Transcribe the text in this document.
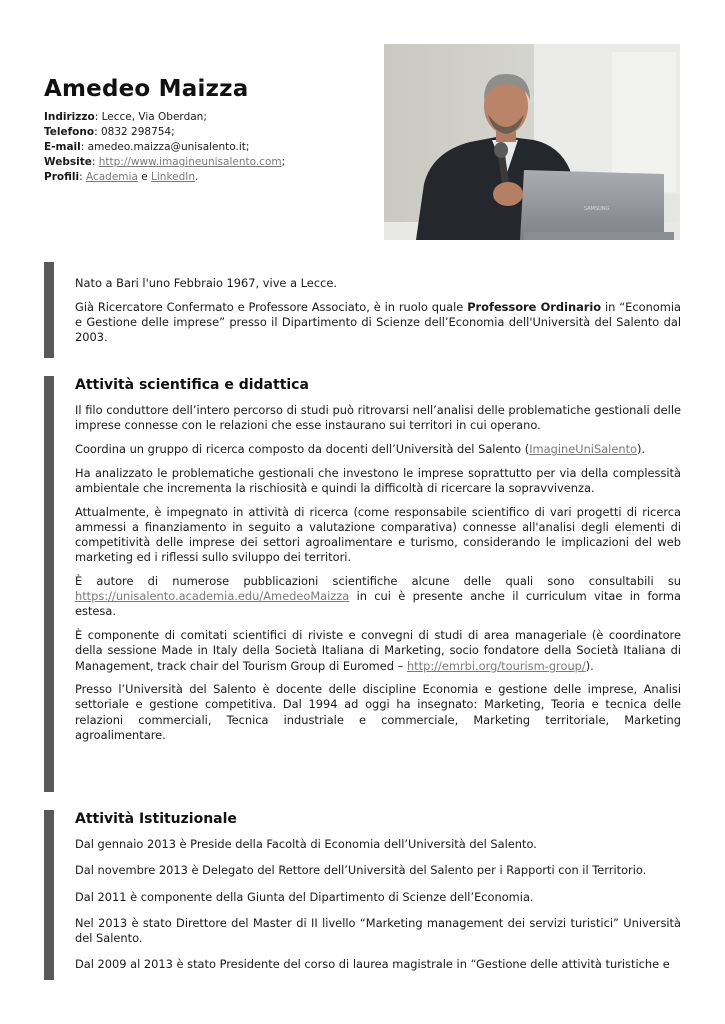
Amedeo Maizza
Indirizzo: Lecce, Via Oberdan;
Telefono: 0832 298754;
E-mail: amedeo.maizza@unisalento.it;
Website: http://www.imagineunisalento.com;
Profili: Academia e LinkedIn.
SAMSUNG

Nato a Bari l'uno Febbraio 1967, vive a Lecce.

Già Ricercatore Confermato e Professore Associato, è in ruolo quale Professore Ordinario in “Economia e Gestione delle imprese” presso il Dipartimento di Scienze dell’Economia dell'Università del Salento dal 2003.

Attività scientifica e didattica

Il filo conduttore dell’intero percorso di studi può ritrovarsi nell’analisi delle problematiche gestionali delle imprese connesse con le relazioni che esse instaurano sui territori in cui operano.

Coordina un gruppo di ricerca composto da docenti dell’Università del Salento (ImagineUniSalento).

Ha analizzato le problematiche gestionali che investono le imprese soprattutto per via della complessità ambientale che incrementa la rischiosità e quindi la difficoltà di ricercare la sopravvivenza.

Attualmente, è impegnato in attività di ricerca (come responsabile scientifico di vari progetti di ricerca ammessi a finanziamento in seguito a valutazione comparativa) connesse all'analisi degli elementi di competitività delle imprese dei settori agroalimentare e turismo, considerando le implicazioni del web marketing ed i riflessi sullo sviluppo dei territori.

È autore di numerose pubblicazioni scientifiche alcune delle quali sono consultabili su https://unisalento.academia.edu/AmedeoMaizza in cui è presente anche il curriculum vitae in forma estesa.

È componente di comitati scientifici di riviste e convegni di studi di area manageriale (è coordinatore della sessione Made in Italy della Società Italiana di Marketing, socio fondatore della Società Italiana di Management, track chair del Tourism Group di Euromed – http://emrbi.org/tourism-group/).

Presso l’Università del Salento è docente delle discipline Economia e gestione delle imprese, Analisi settoriale e gestione competitiva. Dal 1994 ad oggi ha insegnato: Marketing, Teoria e tecnica delle relazioni commerciali, Tecnica industriale e commerciale, Marketing territoriale, Marketing agroalimentare.

Attività Istituzionale

Dal gennaio 2013 è Preside della Facoltà di Economia dell’Università del Salento.

Dal novembre 2013 è Delegato del Rettore dell’Università del Salento per i Rapporti con il Territorio.

Dal 2011 è componente della Giunta del Dipartimento di Scienze dell’Economia.

Nel 2013 è stato Direttore del Master di II livello “Marketing management dei servizi turistici” Università del Salento.

Dal 2009 al 2013 è stato Presidente del corso di laurea magistrale in “Gestione delle attività turistiche e
